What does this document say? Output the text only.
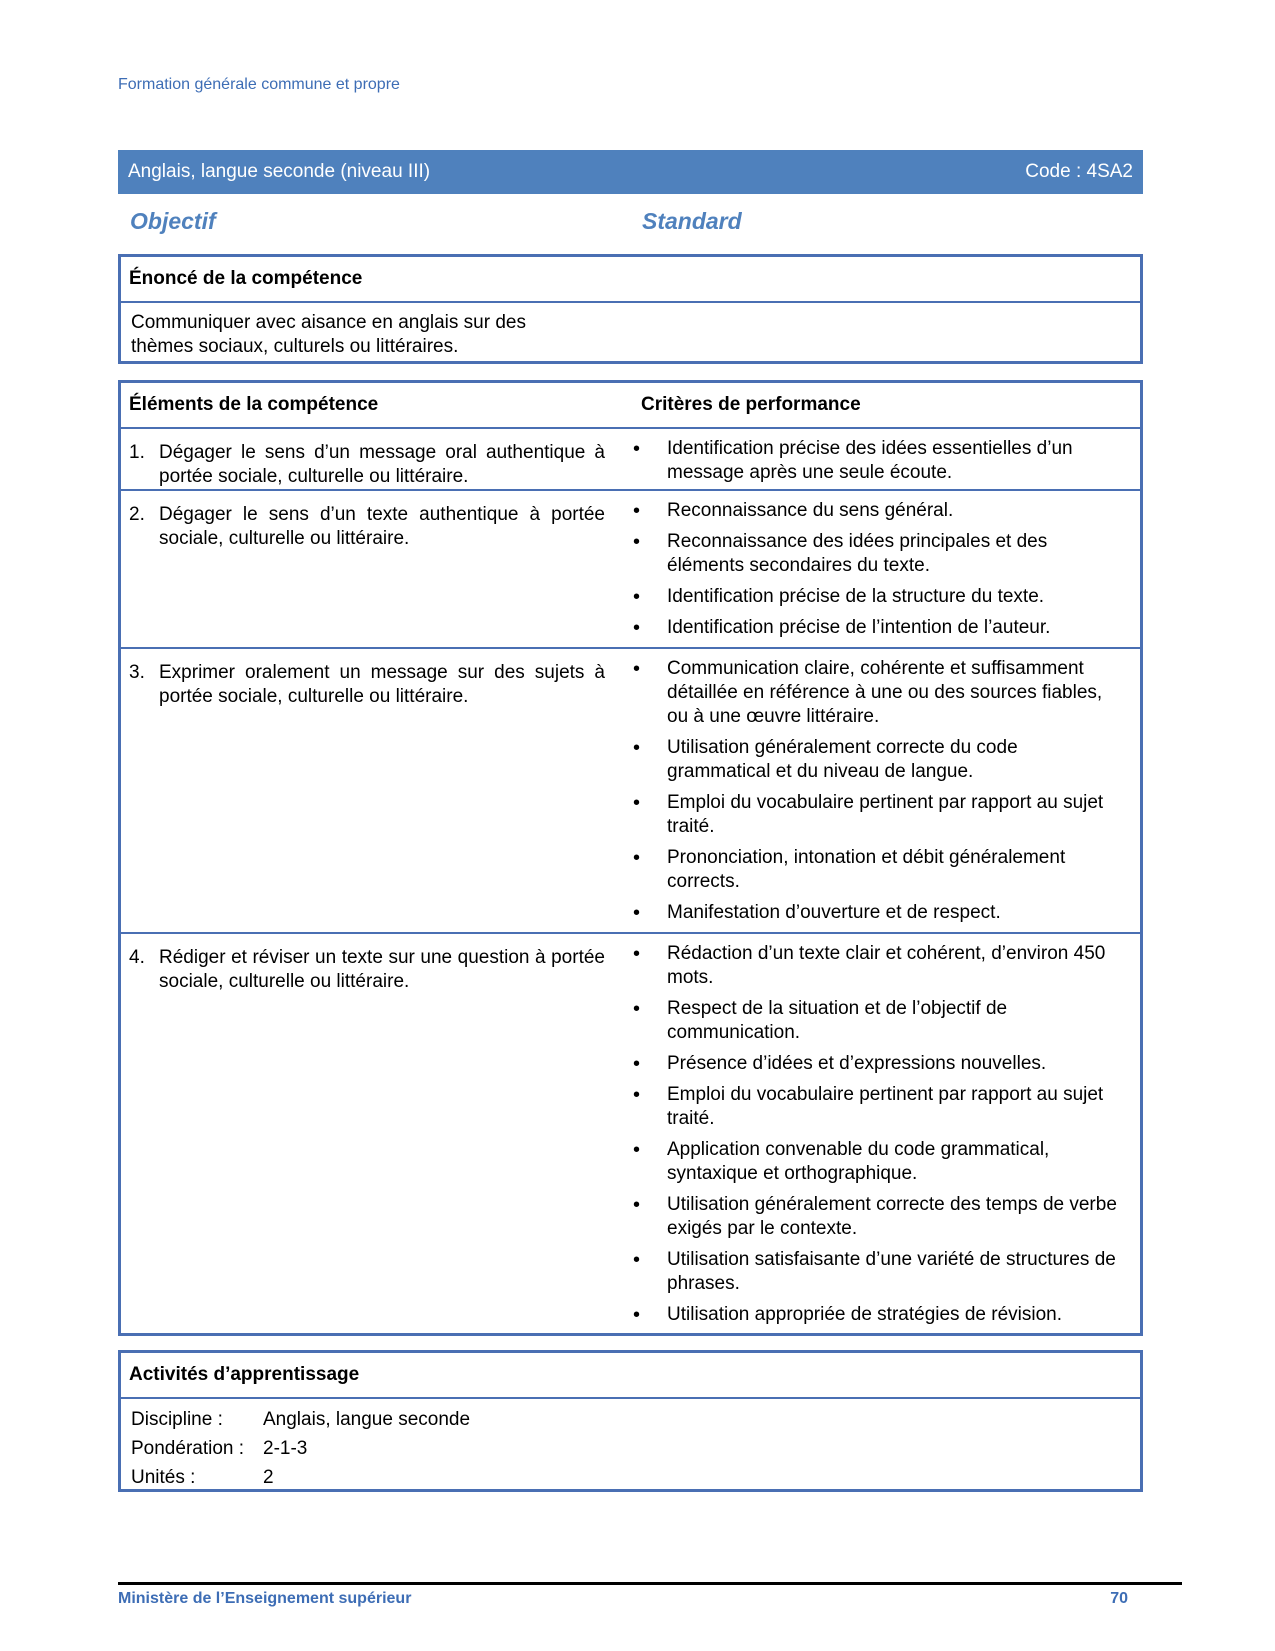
Formation générale commune et propre
Anglais, langue seconde (niveau III)	Code : 4SA2
Objectif	Standard
Énoncé de la compétence
Communiquer avec aisance en anglais sur des thèmes sociaux, culturels ou littéraires.
Éléments de la compétence	Critères de performance
1. Dégager le sens d’un message oral authentique à portée sociale, culturelle ou littéraire.
•	Identification précise des idées essentielles d’un message après une seule écoute.
2. Dégager le sens d’un texte authentique à portée sociale, culturelle ou littéraire.
•	Reconnaissance du sens général.
•	Reconnaissance des idées principales et des éléments secondaires du texte.
•	Identification précise de la structure du texte.
•	Identification précise de l’intention de l’auteur.
3. Exprimer oralement un message sur des sujets à portée sociale, culturelle ou littéraire.
•	Communication claire, cohérente et suffisamment détaillée en référence à une ou des sources fiables, ou à une œuvre littéraire.
•	Utilisation généralement correcte du code grammatical et du niveau de langue.
•	Emploi du vocabulaire pertinent par rapport au sujet traité.
•	Prononciation, intonation et débit généralement corrects.
•	Manifestation d’ouverture et de respect.
4. Rédiger et réviser un texte sur une question à portée sociale, culturelle ou littéraire.
•	Rédaction d’un texte clair et cohérent, d’environ 450 mots.
•	Respect de la situation et de l’objectif de communication.
•	Présence d’idées et d’expressions nouvelles.
•	Emploi du vocabulaire pertinent par rapport au sujet traité.
•	Application convenable du code grammatical, syntaxique et orthographique.
•	Utilisation généralement correcte des temps de verbe exigés par le contexte.
•	Utilisation satisfaisante d’une variété de structures de phrases.
•	Utilisation appropriée de stratégies de révision.
Activités d’apprentissage
Discipline :	Anglais, langue seconde
Pondération : 2-1-3
Unités :	2
Ministère de l’Enseignement supérieur	70
